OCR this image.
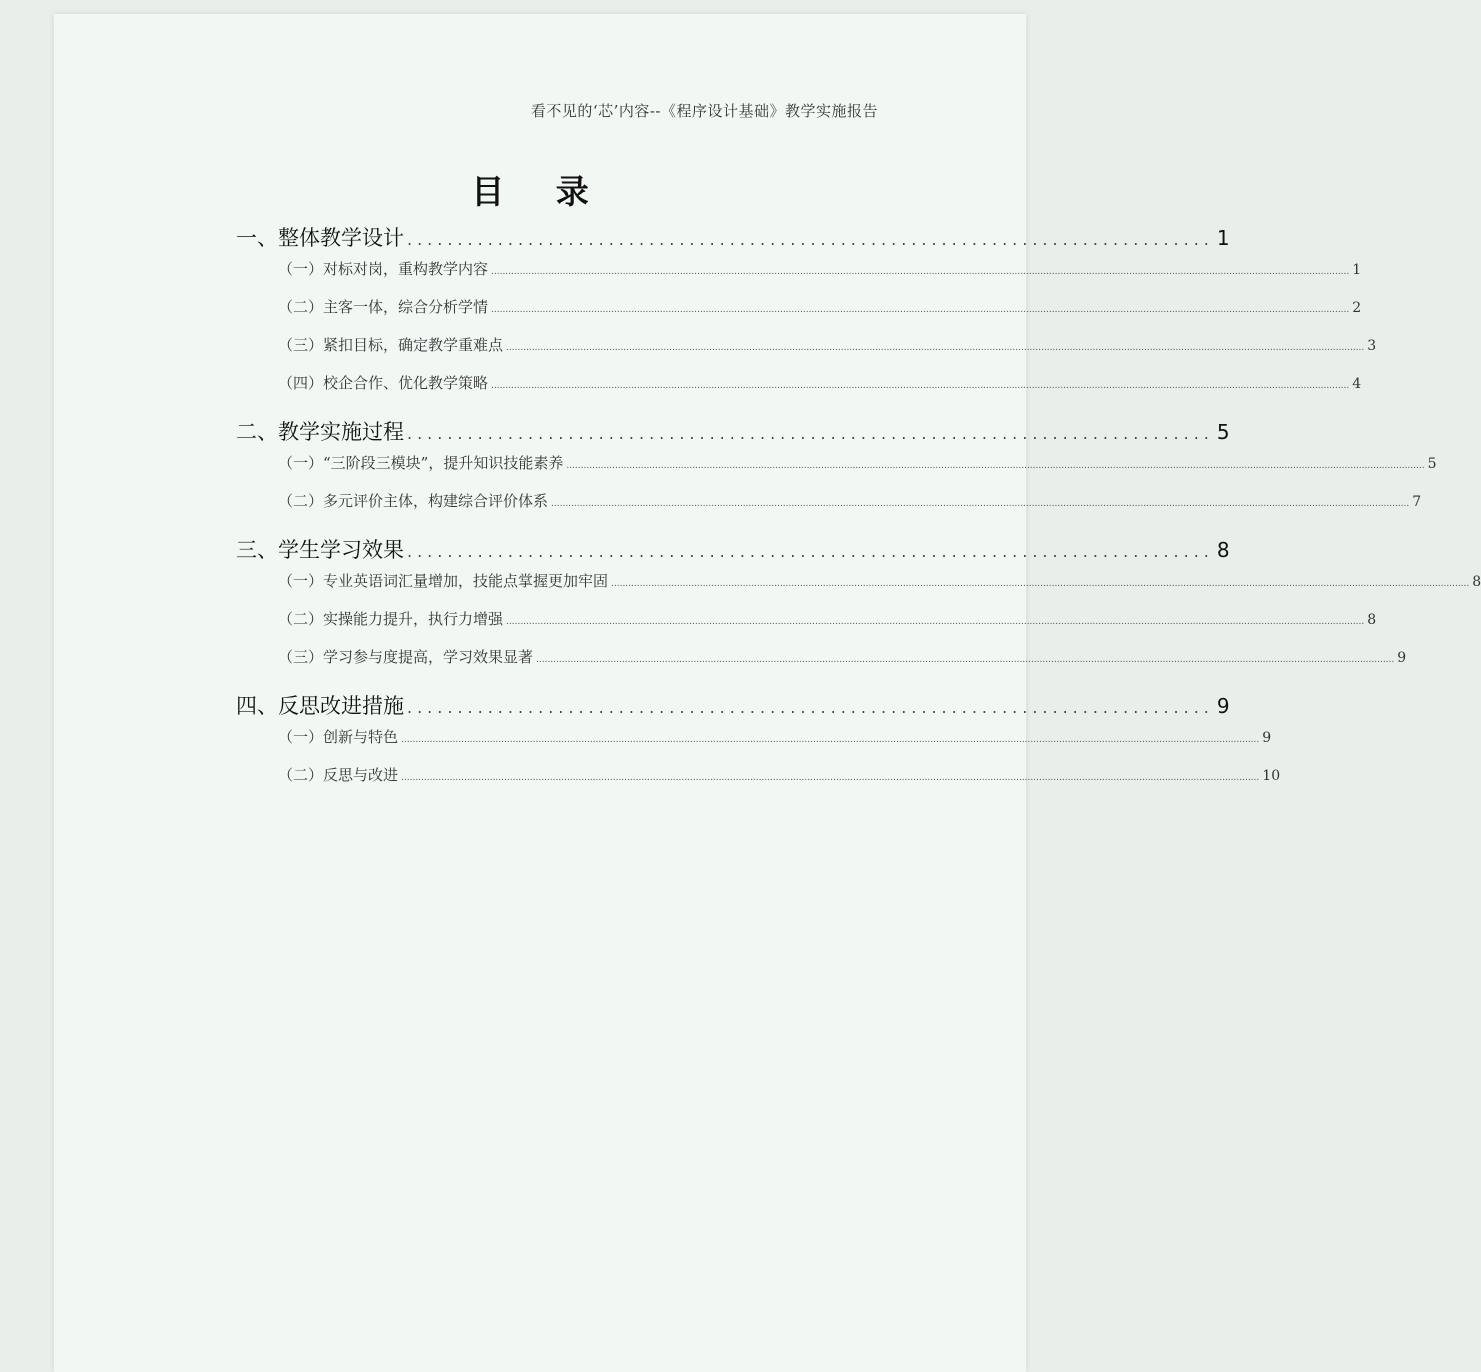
看不见的‘芯’内容--《程序设计基础》教学实施报告
目 录
一、整体教学设计 ................................................................................ 1
（一）对标对岗，重构教学内容 ............................................................................................................................................................................................................................................................................................................ 1
（二）主客一体，综合分析学情 ............................................................................................................................................................................................................................................................................................................ 2
（三）紧扣目标，确定教学重难点 ............................................................................................................................................................................................................................................................................................................ 3
（四）校企合作、优化教学策略 ............................................................................................................................................................................................................................................................................................................ 4
二、教学实施过程 ................................................................................ 5
（一）“三阶段三模块”，提升知识技能素养 ............................................................................................................................................................................................................................................................................................................ 5
（二）多元评价主体，构建综合评价体系 ............................................................................................................................................................................................................................................................................................................ 7
三、学生学习效果 ................................................................................ 8
（一）专业英语词汇量增加，技能点掌握更加牢固 ............................................................................................................................................................................................................................................................................................................ 8
（二）实操能力提升，执行力增强 ............................................................................................................................................................................................................................................................................................................ 8
（三）学习参与度提高，学习效果显著 ............................................................................................................................................................................................................................................................................................................ 9
四、反思改进措施 ................................................................................ 9
（一）创新与特色 ............................................................................................................................................................................................................................................................................................................ 9
（二）反思与改进 ............................................................................................................................................................................................................................................................................................................ 10
